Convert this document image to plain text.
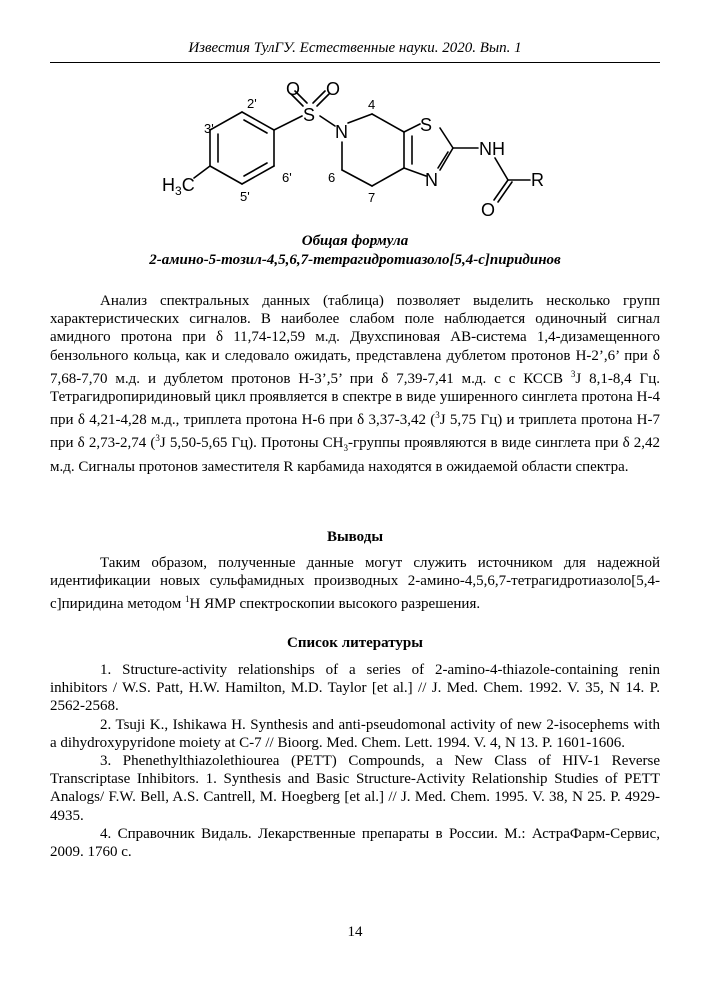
Известия ТулГУ. Естественные науки. 2020. Вып. 1
O O
S
N	S
N
NH
R
O
$H_3C$
2'
3'
5'
6'
4
6
7
Общая формула
2-амино-5-тозил-4,5,6,7-тетрагидротиазоло[5,4-c]пиридинов

Анализ спектральных данных (таблица) позволяет выделить несколько групп характеристических сигналов. В наиболее слабом поле наблюдается одиночный сигнал амидного протона при δ 11,74-12,59 м.д. Двухспиновая АВ-система 1,4-дизамещенного бензольного кольца, как и следовало ожидать, представлена дублетом протонов Н-2’,6’ при δ 7,68-7,70 м.д. и дублетом протонов Н-3’,5’ при δ 7,39-7,41 м.д. с с КССВ $^3$J 8,1-8,4 Гц. Тетрагидропиридиновый цикл проявляется в спектре в виде уширенного синглета протона Н-4 при δ 4,21-4,28 м.д., триплета протона Н-6 при δ 3,37-3,42 ($^3$J 5,75 Гц) и триплета протона Н-7 при δ 2,73-2,74 ($^3$J 5,50-5,65 Гц). Протоны $СН_3$-группы проявляются в виде синглета при δ 2,42 м.д. Сигналы протонов заместителя R карбамида находятся в ожидаемой области спектра.

Выводы

Таким образом, полученные данные могут служить источником для надежной идентификации новых сульфамидных производных 2-амино-4,5,6,7-тетрагидротиазоло[5,4-c]пиридина методом $^1$Н ЯМР спектроскопии высокого разрешения.

Список литературы

1. Structure-activity relationships of a series of 2-amino-4-thiazole-containing renin inhibitors / W.S. Patt, H.W. Hamilton, M.D. Taylor [et al.] // J. Med. Chem. 1992. V. 35, N 14. P. 2562-2568.

2. Tsuji K., Ishikawa H. Synthesis and anti-pseudomonal activity of new 2-isocephems with a dihydroxypyridone moiety at C-7 // Bioorg. Med. Chem. Lett. 1994. V. 4, N 13. P. 1601-1606.

3. Phenethylthiazolethiourea (PETT) Compounds, a New Class of HIV-1 Reverse Transcriptase Inhibitors. 1. Synthesis and Basic Structure-Activity Relationship Studies of PETT Analogs/ F.W. Bell, A.S. Cantrell, M. Hoegberg [et al.] // J. Med. Chem. 1995. V. 38, N 25. P. 4929-4935.

4. Справочник Видаль. Лекарственные препараты в России. М.: АстраФарм-Сервис, 2009. 1760 с.

14
